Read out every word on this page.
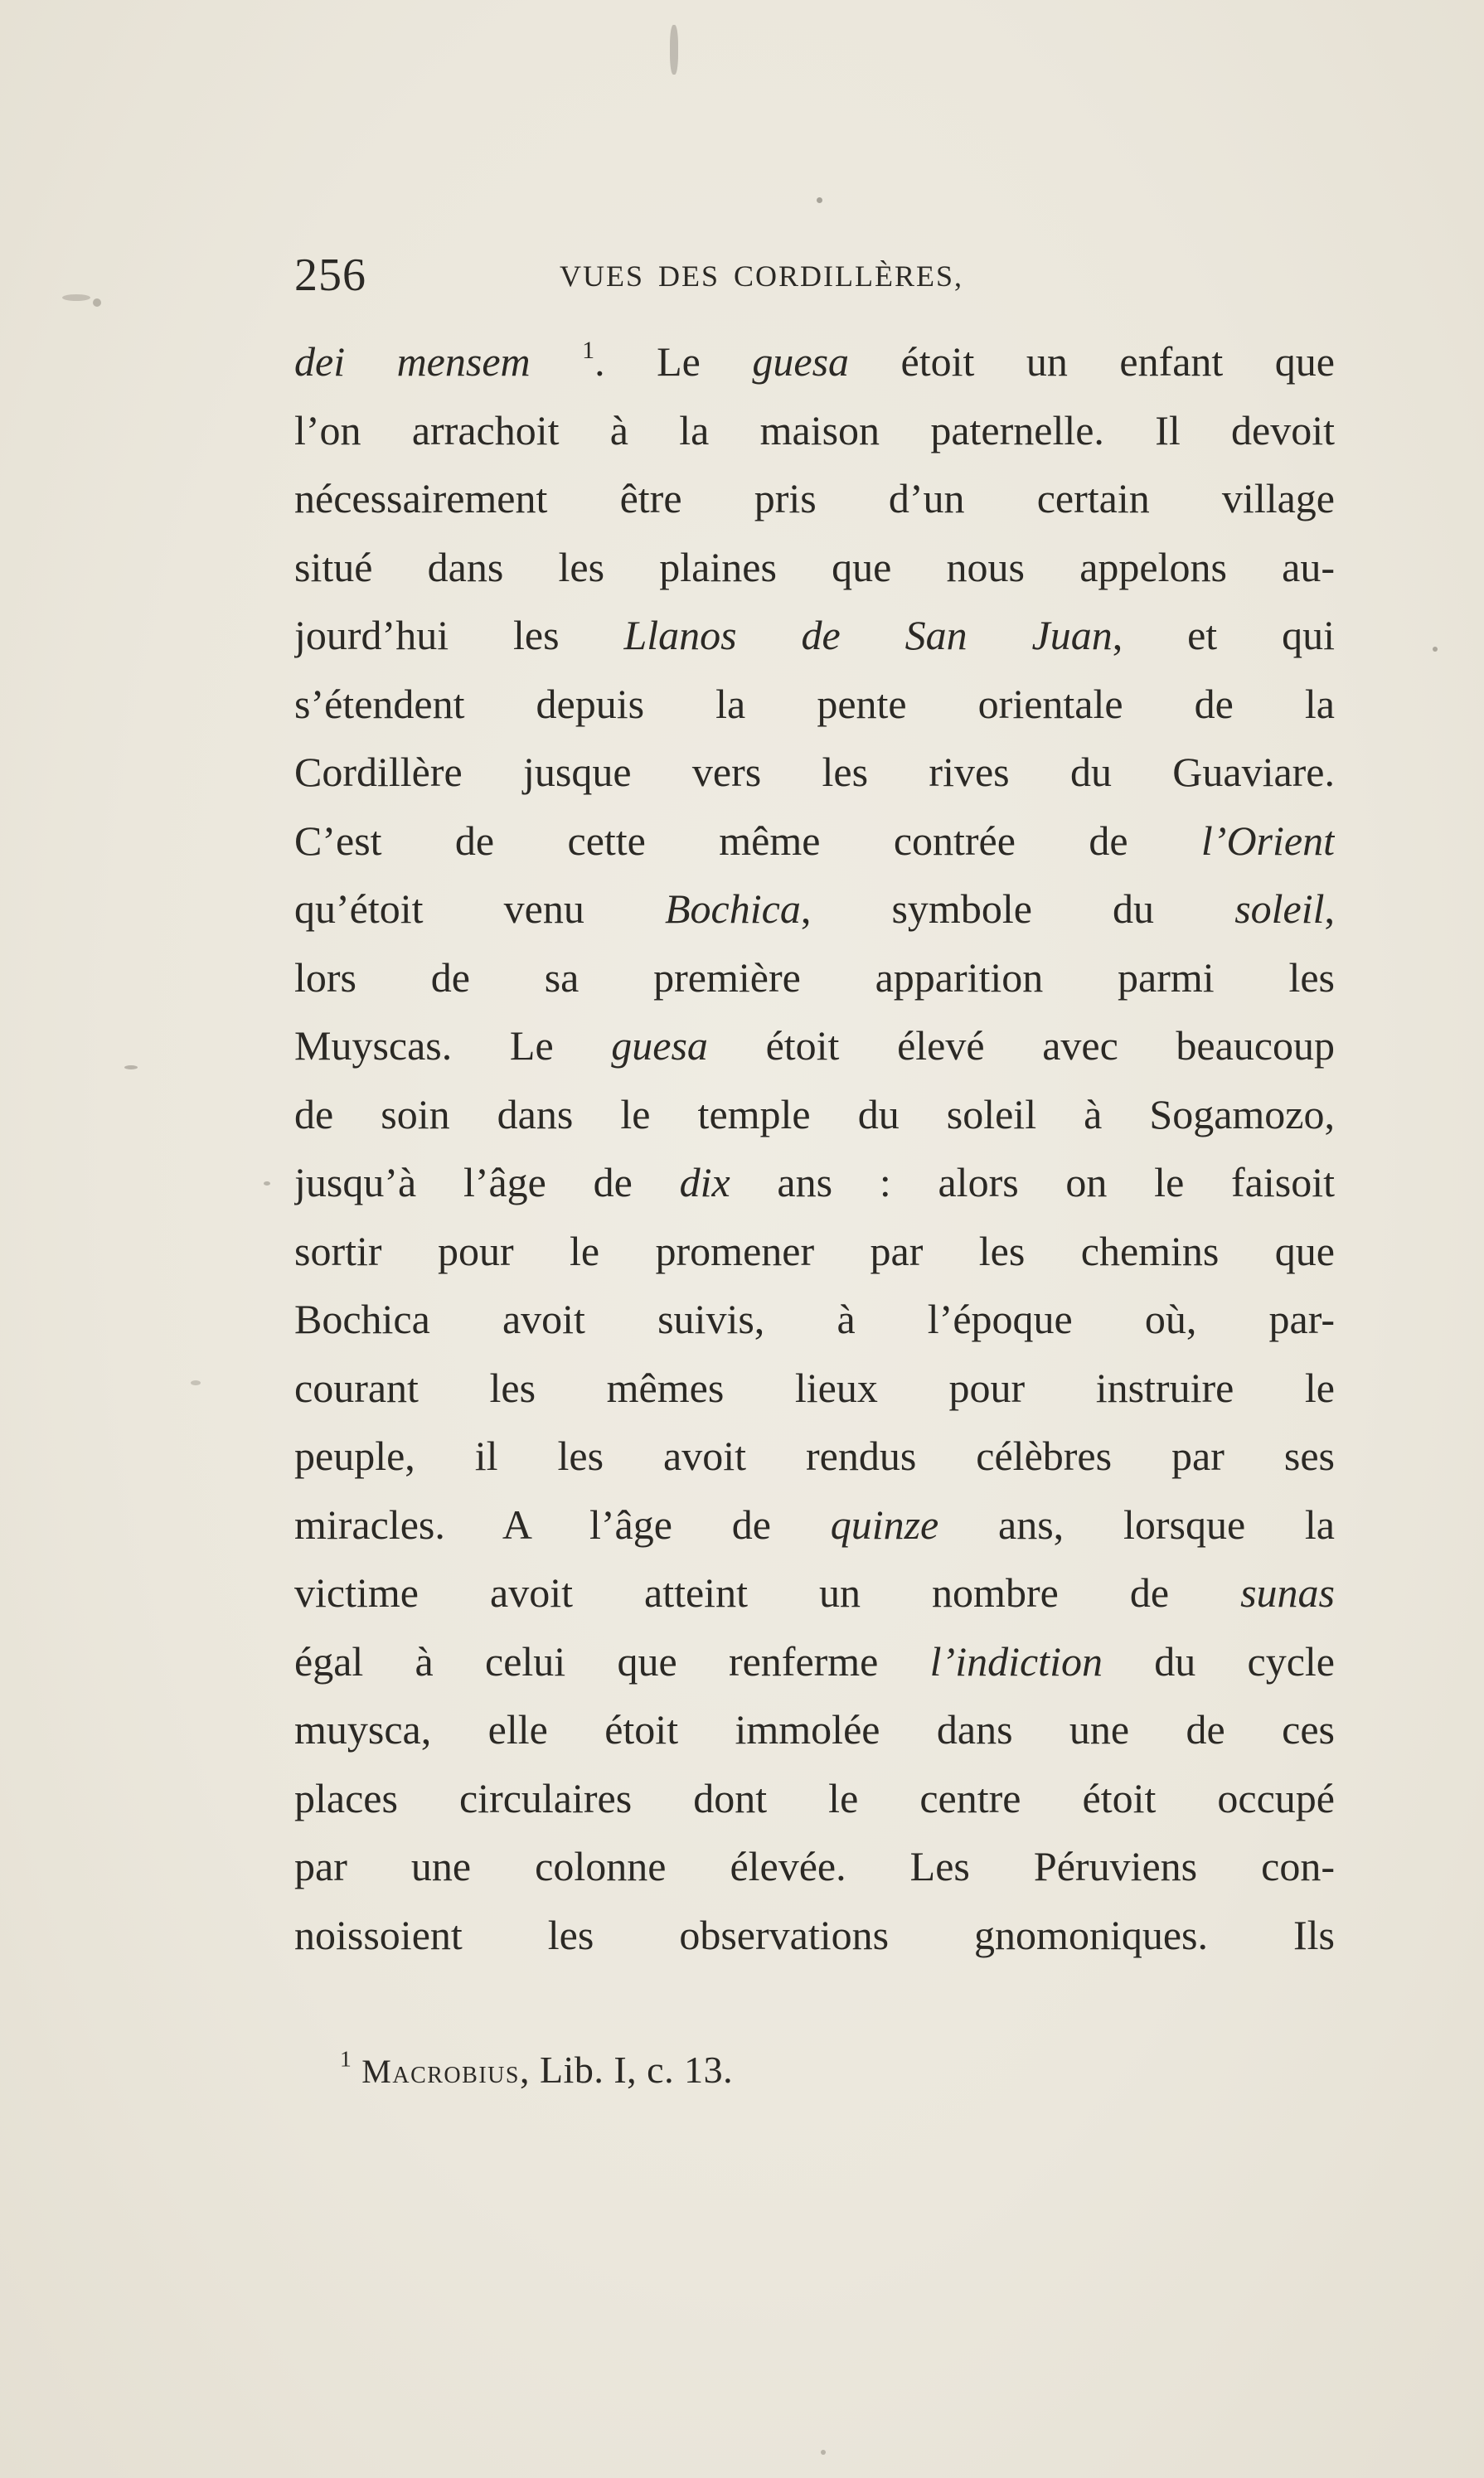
256	VUES DES CORDILLÈRES,
dei mensem $^1$. Le guesa étoit un enfant que
l’on arrachoit à la maison paternelle. Il devoit
nécessairement être pris d’un certain village
situé dans les plaines que nous appelons au-
jourd’hui les Llanos de San Juan, et qui
s’étendent depuis la pente orientale de la
Cordillère jusque vers les rives du Guaviare.
C’est de cette même contrée de l’Orient
qu’étoit venu Bochica, symbole du soleil,
lors de sa première apparition parmi les
Muyscas. Le guesa étoit élevé avec beaucoup
de soin dans le temple du soleil à Sogamozo,
jusqu’à l’âge de dix ans : alors on le faisoit
sortir pour le promener par les chemins que
Bochica avoit suivis, à l’époque où, par-
courant les mêmes lieux pour instruire le
peuple, il les avoit rendus célèbres par ses
miracles. A l’âge de quinze ans, lorsque la
victime avoit atteint un nombre de sunas
égal à celui que renferme l’indiction du cycle
muysca, elle étoit immolée dans une de ces
places circulaires dont le centre étoit occupé
par une colonne élevée. Les Péruviens con-
noissoient les observations gnomoniques. Ils
$^1$ Macrobius, Lib. I, c. 13.
